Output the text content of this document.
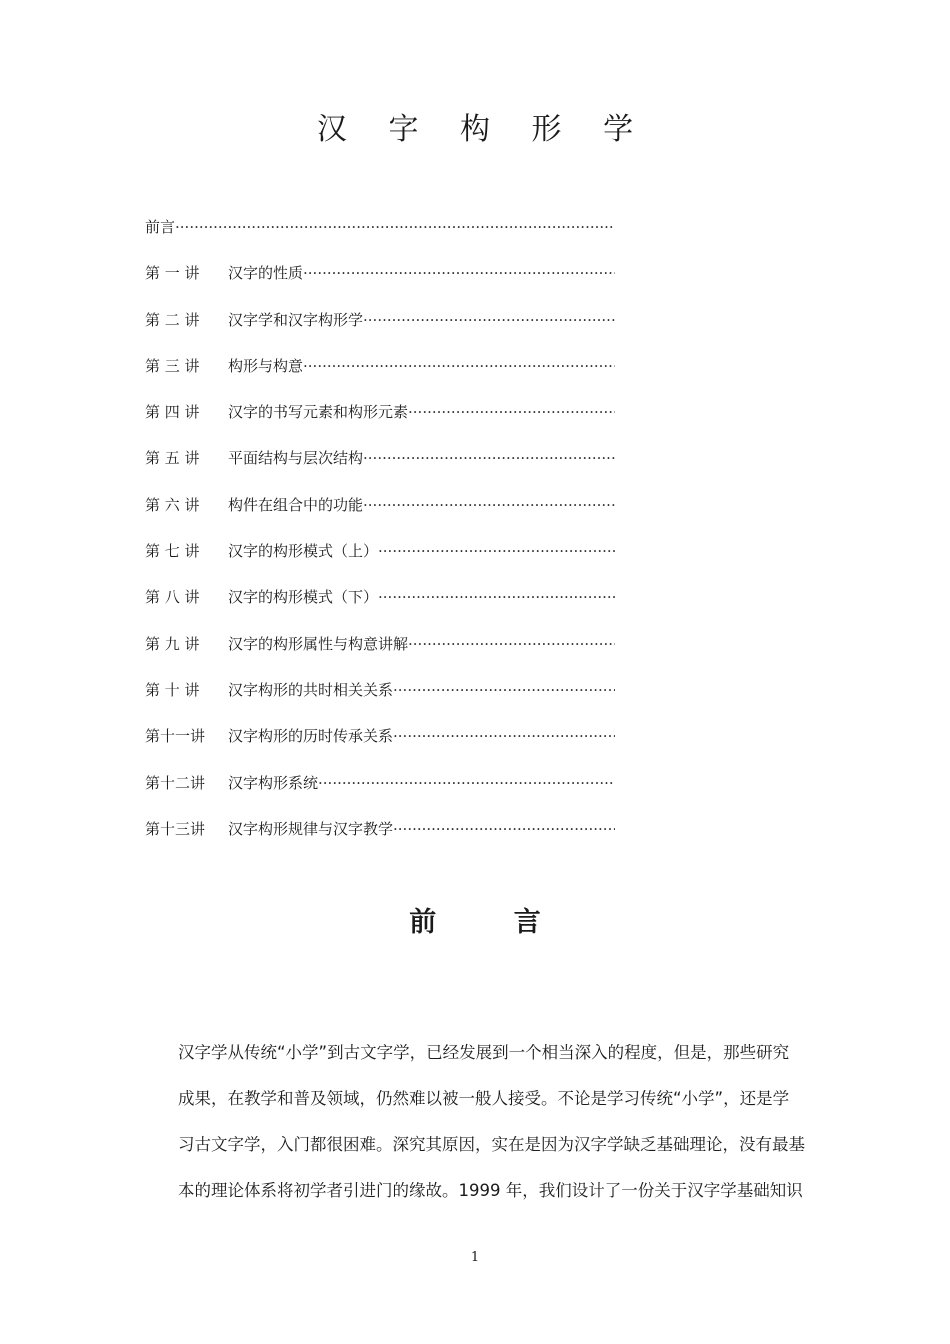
汉 字 构 形 学
前言
·····
第 一 讲	汉字的性质
·····
第 二 讲	汉字学和汉字构形学
·····
第 三 讲	构形与构意
·····
第 四 讲	汉字的书写元素和构形元素
·····
第 五 讲	平面结构与层次结构
·····
第 六 讲	构件在组合中的功能
·····
第 七 讲	汉字的构形模式（上）
·····
第 八 讲	汉字的构形模式（下）
·····
第 九 讲	汉字的构形属性与构意讲解
·····
第 十 讲	汉字构形的共时相关关系
·····
第十一讲	汉字构形的历时传承关系
·····
第十二讲	汉字构形系统
·····
第十三讲	汉字构形规律与汉字教学
·····
前 言

汉字学从传统“小学”到古文字学，已经发展到一个相当深入的程度，但是，那些研究
成果，在教学和普及领域，仍然难以被一般人接受。不论是学习传统“小学”，还是学
习古文字学，入门都很困难。深究其原因，实在是因为汉字学缺乏基础理论，没有最基
本的理论体系将初学者引进门的缘故。1999 年，我们设计了一份关于汉字学基础知识

1
